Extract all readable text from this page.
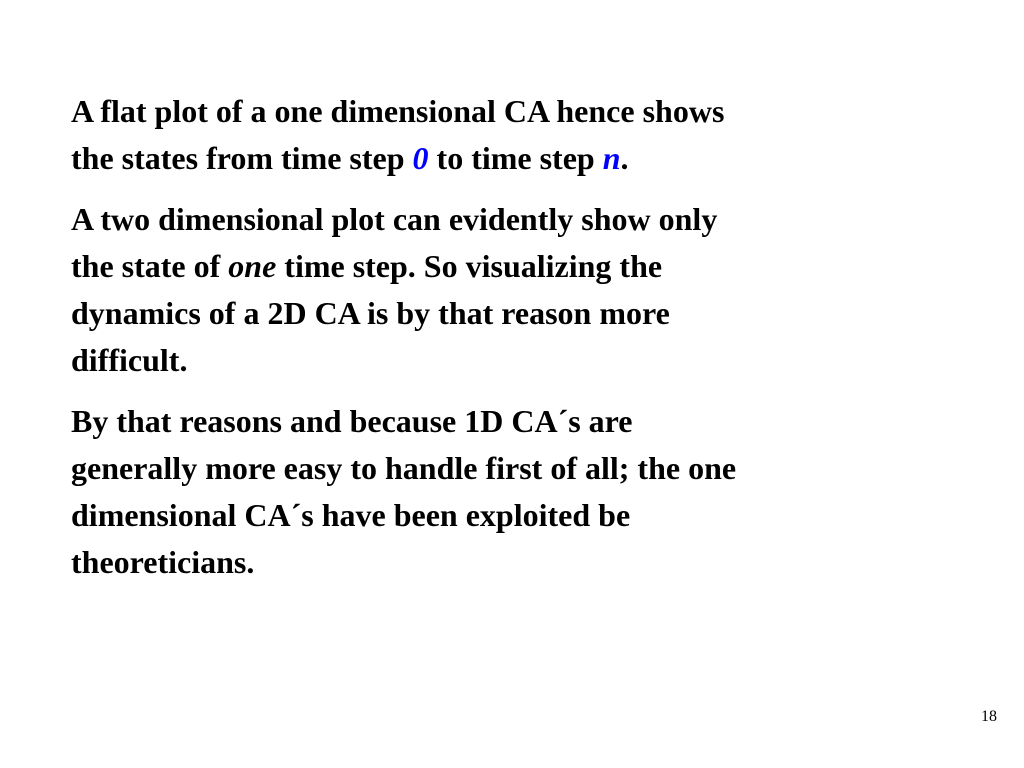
A flat plot of a one dimensional CA hence shows
the states from time step 0 to time step n.

A two dimensional plot can evidently show only
the state of one time step. So visualizing the
dynamics of a 2D CA is by that reason more
difficult.

By that reasons and because 1D CA´s are
generally more easy to handle first of all; the one
dimensional CA´s have been exploited be
theoreticians.

18
